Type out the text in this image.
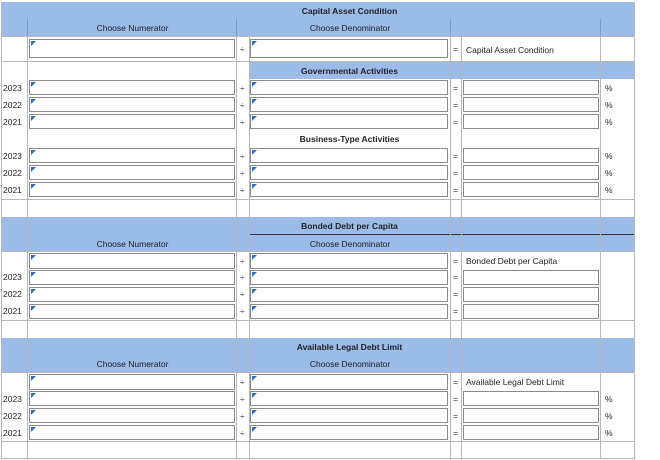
Capital Asset Condition
Choose Numerator	Choose Denominator
÷	= Capital Asset Condition
Governmental Activities
2023	÷	=	%
2022	÷	=	%
2021	÷	=	%
Business-Type Activities
2023	÷	=	%
2022	÷	=	%
2021	÷	=	%
Bonded Debt per Capita
Choose Numerator	Choose Denominator
÷	= Bonded Debt per Capita
2023	÷	=
2022	÷	=
2021	÷	=
Available Legal Debt Limit
Choose Numerator	Choose Denominator
÷	= Available Legal Debt Limit
2023	÷	=	%
2022	÷	=	%
2021	÷	=	%
